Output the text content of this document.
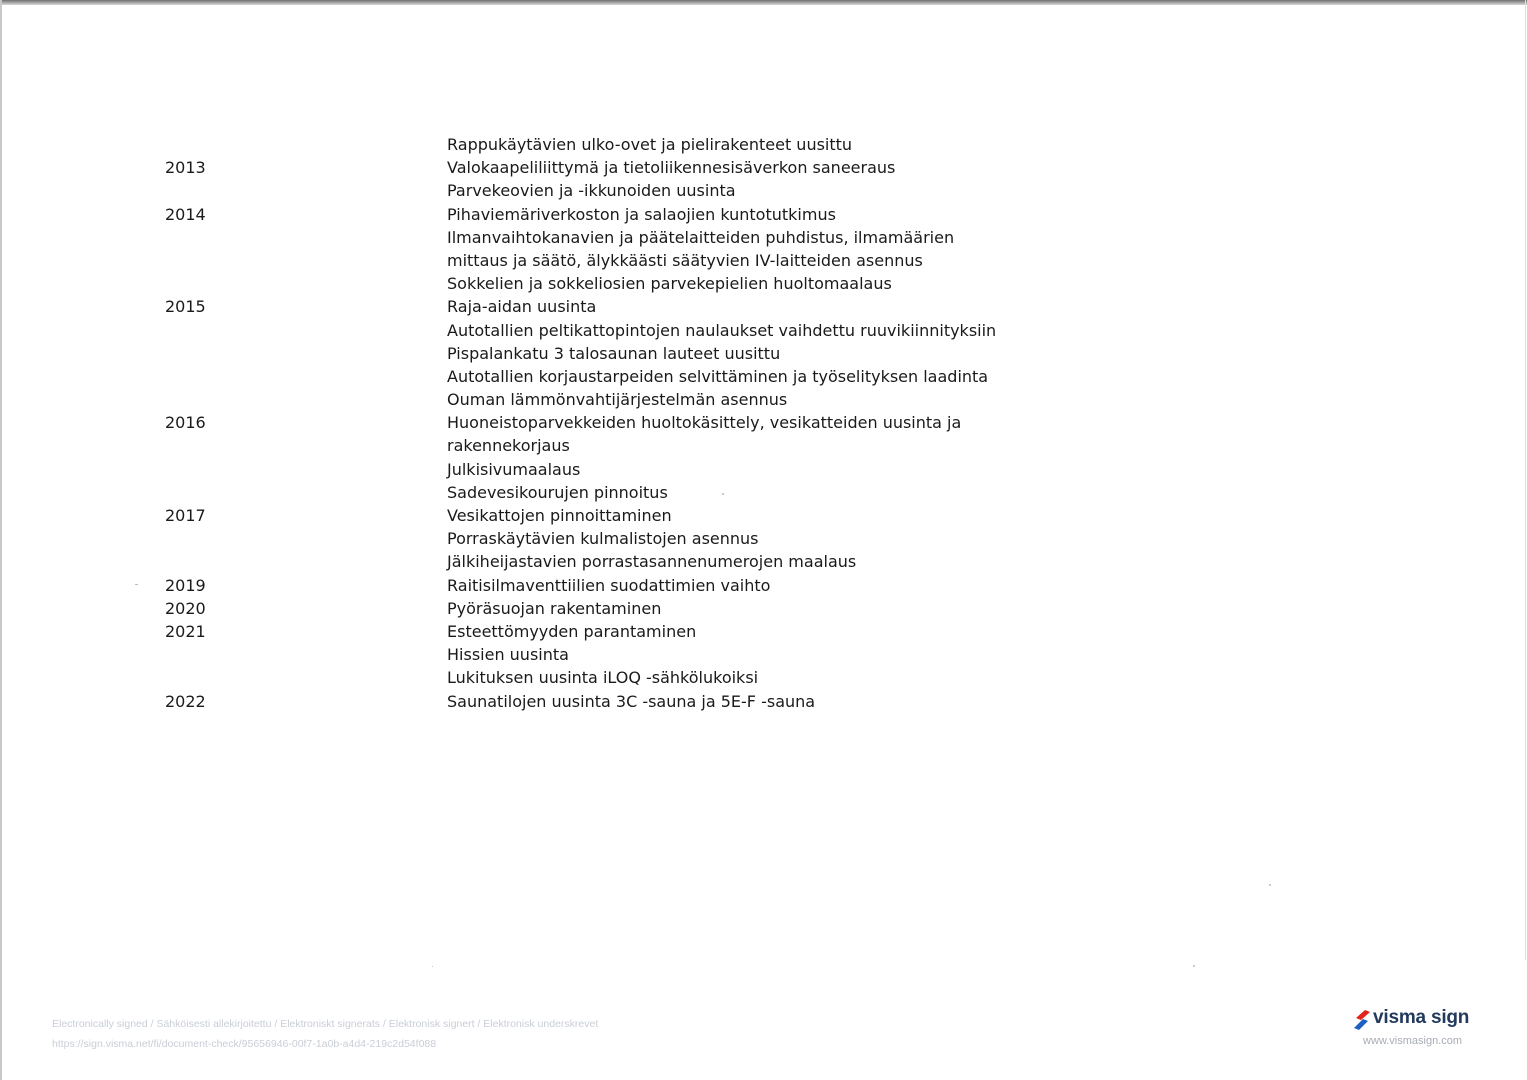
Rappukäytävien ulko-ovet ja pielirakenteet uusittu
2013	Valokaapeliliittymä ja tietoliikennesisäverkon saneeraus
Parvekeovien ja -ikkunoiden uusinta
2014	Pihaviemäriverkoston ja salaojien kuntotutkimus
Ilmanvaihtokanavien ja päätelaitteiden puhdistus, ilmamäärien
mittaus ja säätö, älykkäästi säätyvien IV-laitteiden asennus
Sokkelien ja sokkeliosien parvekepielien huoltomaalaus
2015	Raja-aidan uusinta
Autotallien peltikattopintojen naulaukset vaihdettu ruuvikiinnityksiin
Pispalankatu 3 talosaunan lauteet uusittu
Autotallien korjaustarpeiden selvittäminen ja työselityksen laadinta
Ouman lämmönvahtijärjestelmän asennus
2016	Huoneistoparvekkeiden huoltokäsittely, vesikatteiden uusinta ja
rakennekorjaus
Julkisivumaalaus
Sadevesikourujen pinnoitus
2017	Vesikattojen pinnoittaminen
Porraskäytävien kulmalistojen asennus
Jälkiheijastavien porrastasannenumerojen maalaus
2019	Raitisilmaventtiilien suodattimien vaihto
2020	Pyöräsuojan rakentaminen
2021	Esteettömyyden parantaminen
Hissien uusinta
Lukituksen uusinta iLOQ -sähkölukoiksi
2022	Saunatilojen uusinta 3C -sauna ja 5E-F -sauna
Electronically signed / Sähköisesti allekirjoitettu / Elektroniskt signerats / Elektronisk signert / Elektronisk underskrevet
https://sign.visma.net/fi/document-check/95656946-00f7-1a0b-a4d4-219c2d54f088
visma sign
www.vismasign.com
